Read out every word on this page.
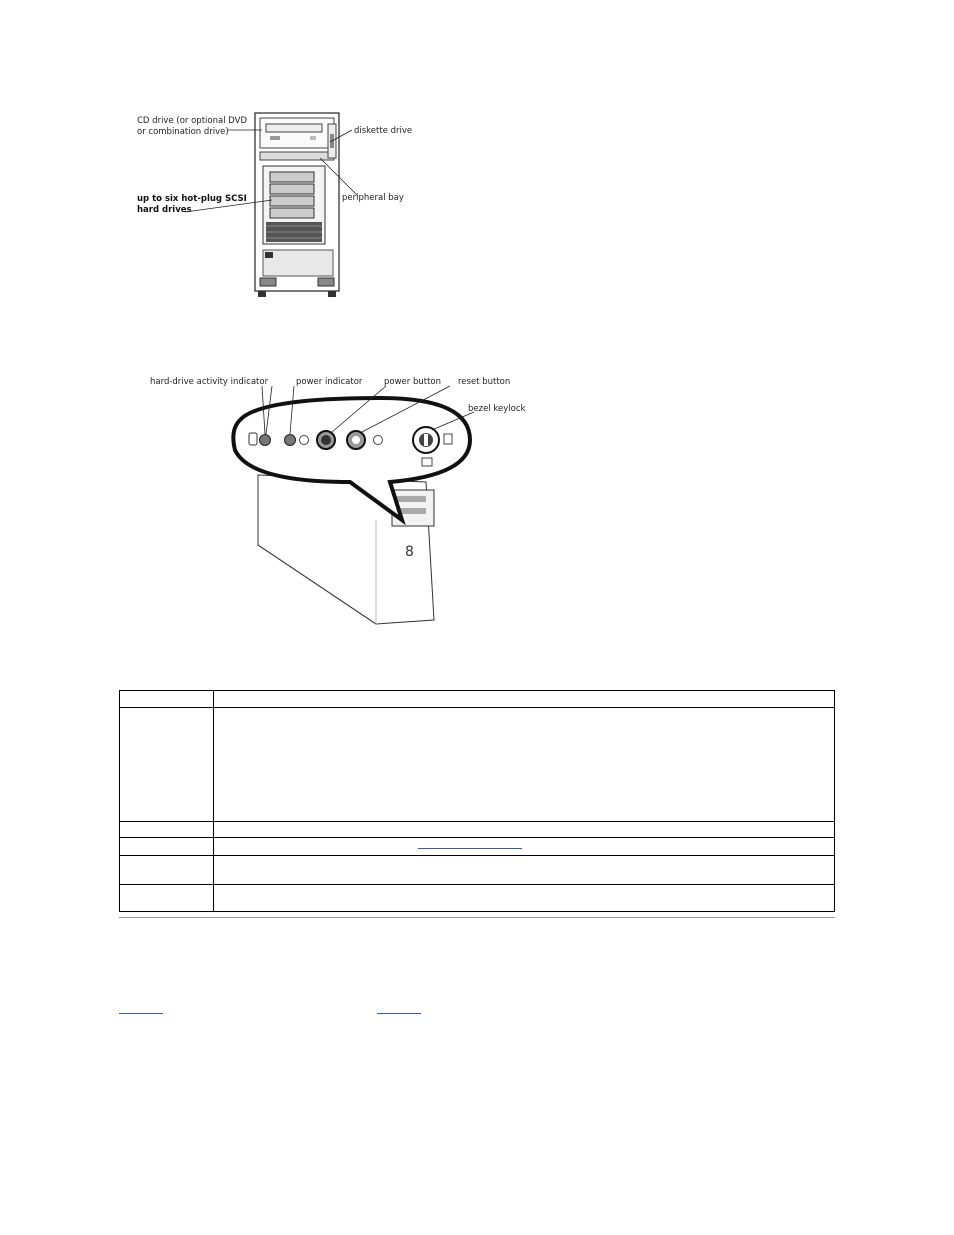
CD drive (or optional DVD
or combination drive)	diskette drive
peripheral bay
up to six hot-plug SCSI
hard drives
8
hard-drive activity indicator	power indicator	power button reset button
bezel keylock
